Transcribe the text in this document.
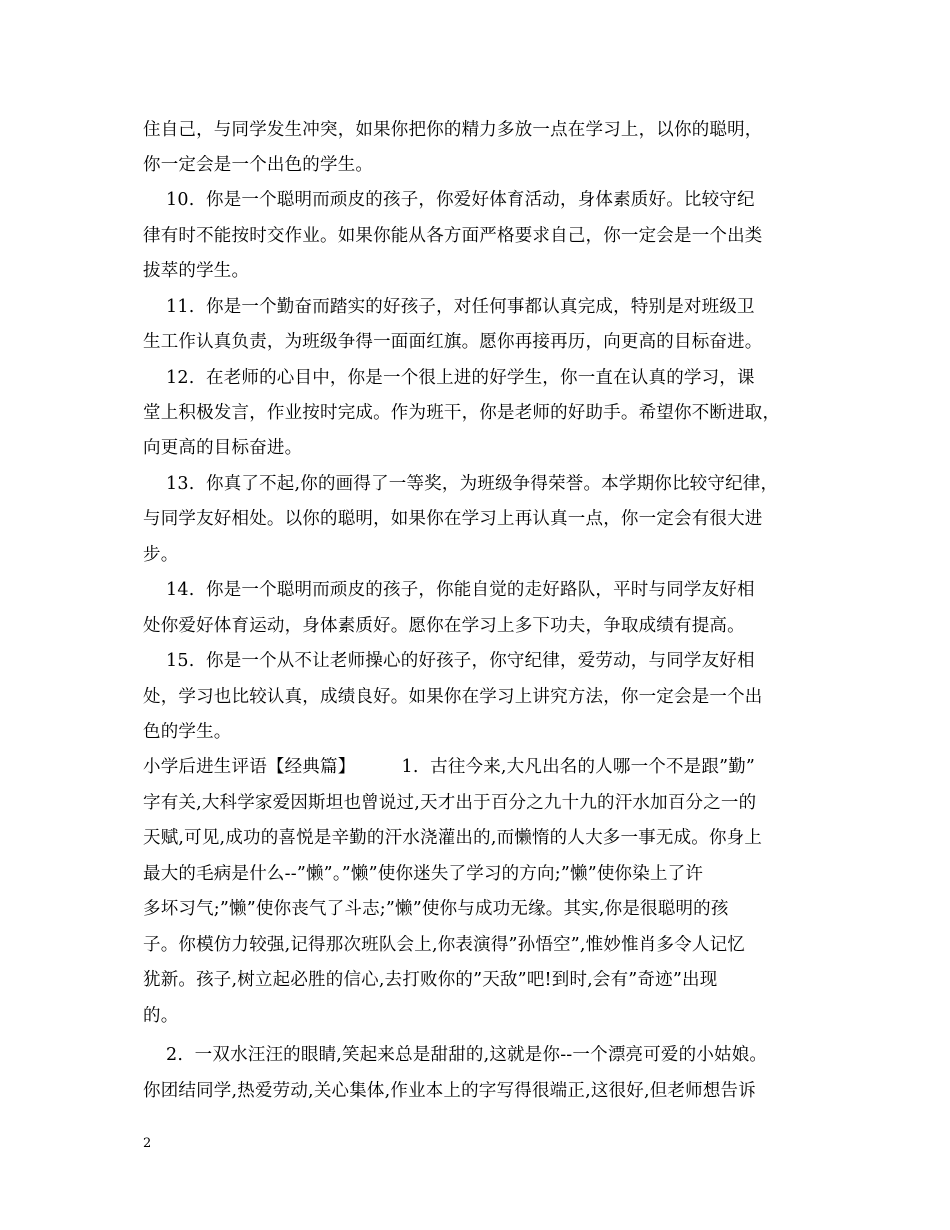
住自己，与同学发生冲突，如果你把你的精力多放一点在学习上，以你的聪明，
你一定会是一个出色的学生。
10.  你是一个聪明而顽皮的孩子，你爱好体育活动，身体素质好。比较守纪
律有时不能按时交作业。如果你能从各方面严格要求自己，你一定会是一个出类
拔萃的学生。
11.  你是一个勤奋而踏实的好孩子，对任何事都认真完成，特别是对班级卫
生工作认真负责，为班级争得一面面红旗。愿你再接再历，向更高的目标奋进。
12.  在老师的心目中，你是一个很上进的好学生，你一直在认真的学习，课
堂上积极发言，作业按时完成。作为班干，你是老师的好助手。希望你不断进取，
向更高的目标奋进。
13.  你真了不起,你的画得了一等奖，为班级争得荣誉。本学期你比较守纪律，
与同学友好相处。以你的聪明，如果你在学习上再认真一点，你一定会有很大进
步。
14.  你是一个聪明而顽皮的孩子，你能自觉的走好路队，平时与同学友好相
处你爱好体育运动，身体素质好。愿你在学习上多下功夫，争取成绩有提高。
15.  你是一个从不让老师操心的好孩子，你守纪律，爱劳动，与同学友好相
处，学习也比较认真，成绩良好。如果你在学习上讲究方法，你一定会是一个出
色的学生。
小学后进生评语【经典篇】        1.  古往今来,大凡出名的人哪一个不是跟”勤”
字有关,大科学家爱因斯坦也曾说过,天才出于百分之九十九的汗水加百分之一的
天赋,可见,成功的喜悦是辛勤的汗水浇灌出的,而懒惰的人大多一事无成。你身上
最大的毛病是什么--”懒”。”懒”使你迷失了学习的方向;”懒”使你染上了许
多坏习气;”懒”使你丧气了斗志;”懒”使你与成功无缘。其实,你是很聪明的孩
子。你模仿力较强,记得那次班队会上,你表演得”孙悟空”,惟妙惟肖多令人记忆
犹新。孩子,树立起必胜的信心,去打败你的”天敌”吧!到时,会有”奇迹”出现
的。
2.  一双水汪汪的眼睛,笑起来总是甜甜的,这就是你--一个漂亮可爱的小姑娘。
你团结同学,热爱劳动,关心集体,作业本上的字写得很端正,这很好,但老师想告诉
2
